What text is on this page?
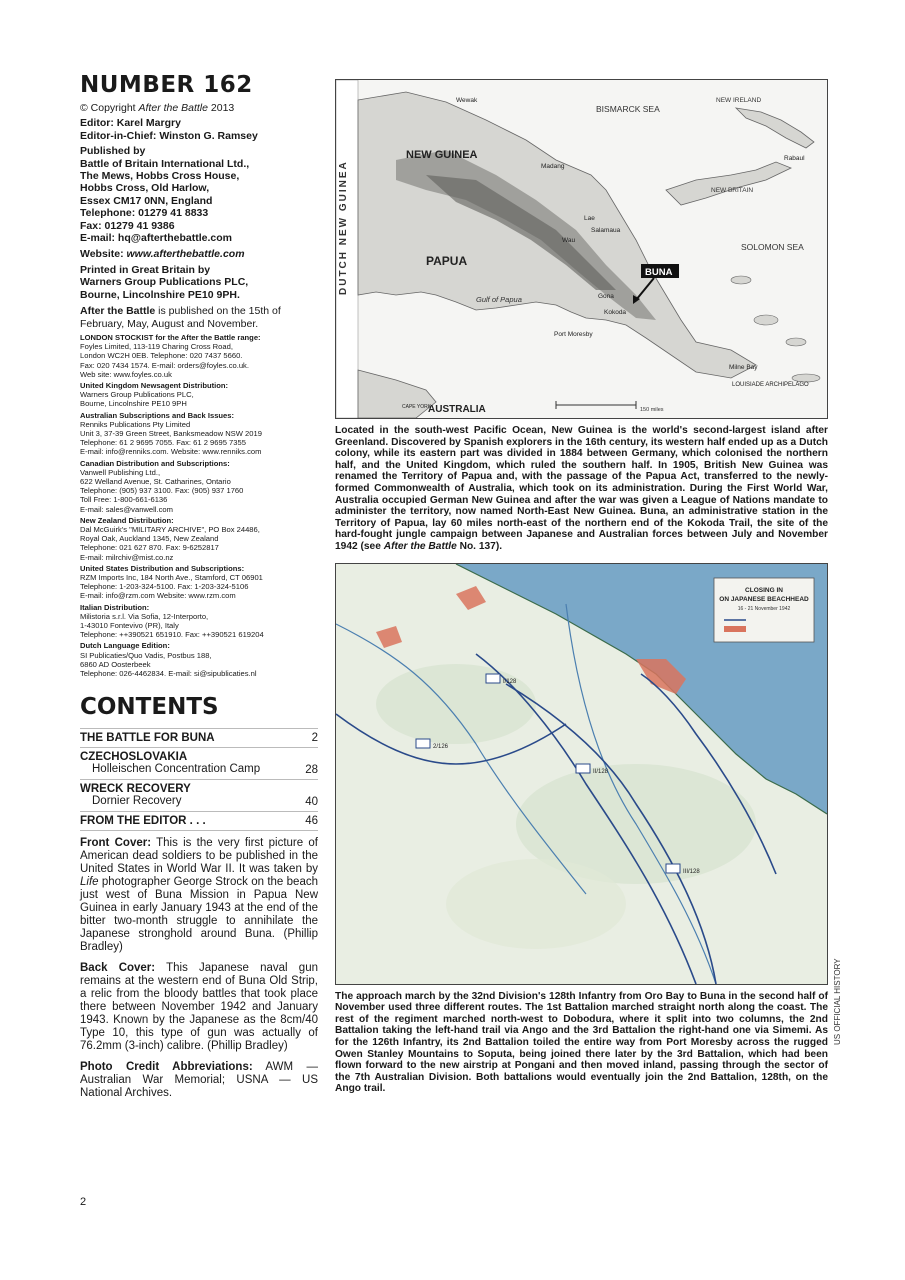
NUMBER 162

© Copyright After the Battle 2013

Editor: Karel Margry

Editor-in-Chief: Winston G. Ramsey

Published by

Battle of Britain International Ltd.,
The Mews, Hobbs Cross House,
Hobbs Cross, Old Harlow,
Essex CM17 0NN, England
Telephone: 01279 41 8833
Fax: 01279 41 9386
E-mail: hq@afterthebattle.com

Website: www.afterthebattle.com

Printed in Great Britain by
Warners Group Publications PLC,
Bourne, Lincolnshire PE10 9PH.

After the Battle is published on the 15th of February, May, August and November.

LONDON STOCKIST for the After the Battle range:

Foyles Limited, 113-119 Charing Cross Road,

London WC2H 0EB. Telephone: 020 7437 5660.

Fax: 020 7434 1574. E-mail: orders@foyles.co.uk.

Web site: www.foyles.co.uk

United Kingdom Newsagent Distribution:

Warners Group Publications PLC,

Bourne, Lincolnshire PE10 9PH

Australian Subscriptions and Back Issues:

Renniks Publications Pty Limited

Unit 3, 37-39 Green Street, Banksmeadow NSW 2019

Telephone: 61 2 9695 7055. Fax: 61 2 9695 7355

E-mail: info@renniks.com. Website: www.renniks.com

Canadian Distribution and Subscriptions:

Vanwell Publishing Ltd.,

622 Welland Avenue, St. Catharines, Ontario

Telephone: (905) 937 3100. Fax: (905) 937 1760

Toll Free: 1-800-661-6136

E-mail: sales@vanwell.com

New Zealand Distribution:

Dal McGuirk's "MILITARY ARCHIVE", PO Box 24486,

Royal Oak, Auckland 1345, New Zealand

Telephone: 021 627 870. Fax: 9-6252817

E-mail: milrchiv@mist.co.nz

United States Distribution and Subscriptions:

RZM Imports Inc, 184 North Ave., Stamford, CT 06901

Telephone: 1-203-324-5100. Fax: 1-203-324-5106

E-mail: info@rzm.com Website: www.rzm.com

Italian Distribution:

Milistoria s.r.l. Via Sofia, 12-Interporto,

1-43010 Fontevivo (PR), Italy

Telephone: ++390521 651910. Fax: ++390521 619204

Dutch Language Edition:

SI Publicaties/Quo Vadis, Postbus 188,

6860 AD Oosterbeek

Telephone: 026-4462834. E-mail: si@sipublicaties.nl

CONTENTS
THE BATTLE FOR BUNA	2
CZECHOSLOVAKIA
Holleischen Concentration Camp	28
WRECK RECOVERY
Dornier Recovery	40
FROM THE EDITOR . . .	46

Front Cover: This is the very first picture of American dead soldiers to be published in the United States in World War II. It was taken by Life photographer George Strock on the beach just west of Buna Mission in Papua New Guinea in early January 1943 at the end of the bitter two-month struggle to annihilate the Japanese stronghold around Buna. (Phillip Bradley)

Back Cover: This Japanese naval gun remains at the western end of Buna Old Strip, a relic from the bloody battles that took place there between November 1942 and January 1943. Known by the Japanese as the 8cm/40 Type 10, this type of gun was actually of 76.2mm (3-inch) calibre. (Phillip Bradley)

Photo Credit Abbreviations: AWM — Australian War Memorial; USNA — US National Archives.

DUTCH NEW GUINEA
NEW GUINEA
PAPUA
AUSTRALIA
BISMARCK SEA
SOLOMON SEA
NEW IRELAND
NEW BRITAIN
Gulf of Papua
Port Moresby
Lae
Salamaua
Rabaul
Gona
Wau
Kokoda
Milne Bay
Madang
Wewak
LOUISIADE ARCHIPELAGO
CAPE YORK
BUNA
150 miles

Located in the south-west Pacific Ocean, New Guinea is the world's second-largest island after Greenland. Discovered by Spanish explorers in the 16th century, its western half ended up as a Dutch colony, while its eastern part was divided in 1884 between Germany, which colonised the northern half, and the United Kingdom, which ruled the southern half. In 1905, British New Guinea was renamed the Territory of Papua and, with the passage of the Papua Act, transferred to the newly-formed Commonwealth of Australia, which took on its administration. During the First World War, Australia occupied German New Guinea and after the war was given a League of Nations mandate to administer the territory, now named North-East New Guinea. Buna, an administrative station in the Territory of Papua, lay 60 miles north-east of the northern end of the Kokoda Trail, the site of the hard-fought jungle campaign between Japanese and Australian forces between July and November 1942 (see After the Battle No. 137).

I/128
II/128
III/128
2/126
CLOSING IN
ON JAPANESE BEACHHEAD
16 - 21 November 1942

The approach march by the 32nd Division's 128th Infantry from Oro Bay to Buna in the second half of November used three different routes. The 1st Battalion marched straight north along the coast. The rest of the regiment marched north-west to Dobodura, where it split into two columns, the 2nd Battalion taking the left-hand trail via Ango and the 3rd Battalion the right-hand one via Simemi. As for the 126th Infantry, its 2nd Battalion toiled the entire way from Port Moresby across the rugged Owen Stanley Mountains to Soputa, being joined there later by the 3rd Battalion, which had been flown forward to the new airstrip at Pongani and then moved inland, passing through the sector of the 7th Australian Division. Both battalions would eventually join the 2nd Battalion, 128th, on the Ango trail.

US OFFICIAL HISTORY
2
